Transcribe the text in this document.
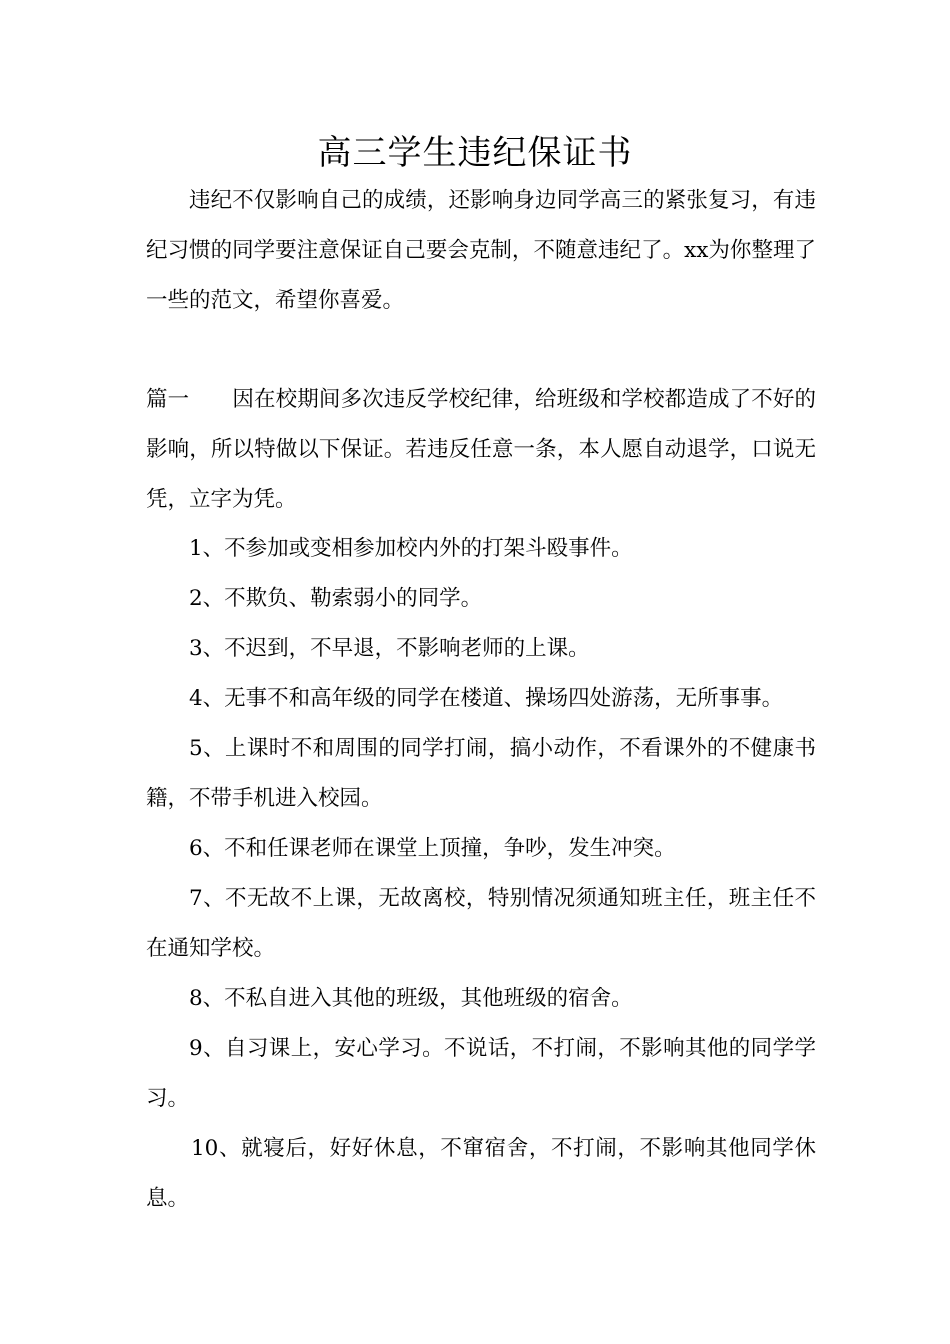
高三学生违纪保证书

违纪不仅影响自己的成绩，还影响身边同学高三的紧张复习，有违纪习惯的同学要注意保证自己要会克制，不随意违纪了。xx为你整理了一些的范文，希望你喜爱。

篇一 因在校期间多次违反学校纪律，给班级和学校都造成了不好的影响，所以特做以下保证。若违反任意一条，本人愿自动退学，口说无凭，立字为凭。

1、不参加或变相参加校内外的打架斗殴事件。

2、不欺负、勒索弱小的同学。

3、不迟到，不早退，不影响老师的上课。

4、无事不和高年级的同学在楼道、操场四处游荡，无所事事。

5、上课时不和周围的同学打闹，搞小动作，不看课外的不健康书籍，不带手机进入校园。

6、不和任课老师在课堂上顶撞，争吵，发生冲突。

7、不无故不上课，无故离校，特别情况须通知班主任，班主任不在通知学校。

8、不私自进入其他的班级，其他班级的宿舍。

9、自习课上，安心学习。不说话，不打闹，不影响其他的同学学习。

10、就寝后，好好休息，不窜宿舍，不打闹，不影响其他同学休息。
